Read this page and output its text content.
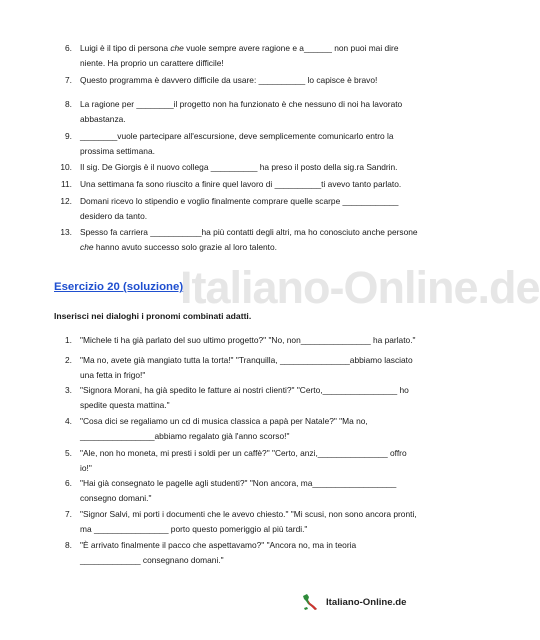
Italiano-Online.de
6. Luigi è il tipo di persona che vuole sempre avere ragione e a______ non puoi mai dire
niente. Ha proprio un carattere difficile!
7. Questo programma è davvero difficile da usare: __________ lo capisce è bravo!
8. La ragione per ________il progetto non ha funzionato è che nessuno di noi ha lavorato
abbastanza.
9. ________vuole partecipare all'escursione, deve semplicemente comunicarlo entro la
prossima settimana.
10. Il sig. De Giorgis è il nuovo collega __________ ha preso il posto della sig.ra Sandrin.
11. Una settimana fa sono riuscito a finire quel lavoro di __________ti avevo tanto parlato.
12. Domani ricevo lo stipendio e voglio finalmente comprare quelle scarpe ____________
desidero da tanto.
13. Spesso fa carriera ___________ha più contatti degli altri, ma ho conosciuto anche persone
che hanno avuto successo solo grazie al loro talento.
Esercizio 20 (soluzione)
Inserisci nei dialoghi i pronomi combinati adatti.
1. "Michele ti ha già parlato del suo ultimo progetto?" "No, non_______________ ha parlato."
2. "Ma no, avete già mangiato tutta la torta!" "Tranquilla, _______________abbiamo lasciato
una fetta in frigo!"
3. "Signora Morani, ha già spedito le fatture ai nostri clienti?" "Certo,________________ ho
spedite questa mattina."
4. "Cosa dici se regaliamo un cd di musica classica a papà per Natale?" "Ma no,
________________abbiamo regalato già l'anno scorso!"
5. "Ale, non ho moneta, mi presti i soldi per un caffè?" "Certo, anzi,_______________ offro
io!"
6. "Hai già consegnato le pagelle agli studenti?" "Non ancora, ma__________________
consegno domani."
7. "Signor Salvi, mi porti i documenti che le avevo chiesto." "Mi scusi, non sono ancora pronti,
ma ________________ porto questo pomeriggio al più tardi."
8. "È arrivato finalmente il pacco che aspettavamo?" "Ancora no, ma in teoria
_____________ consegnano domani."
Italiano-Online.de
